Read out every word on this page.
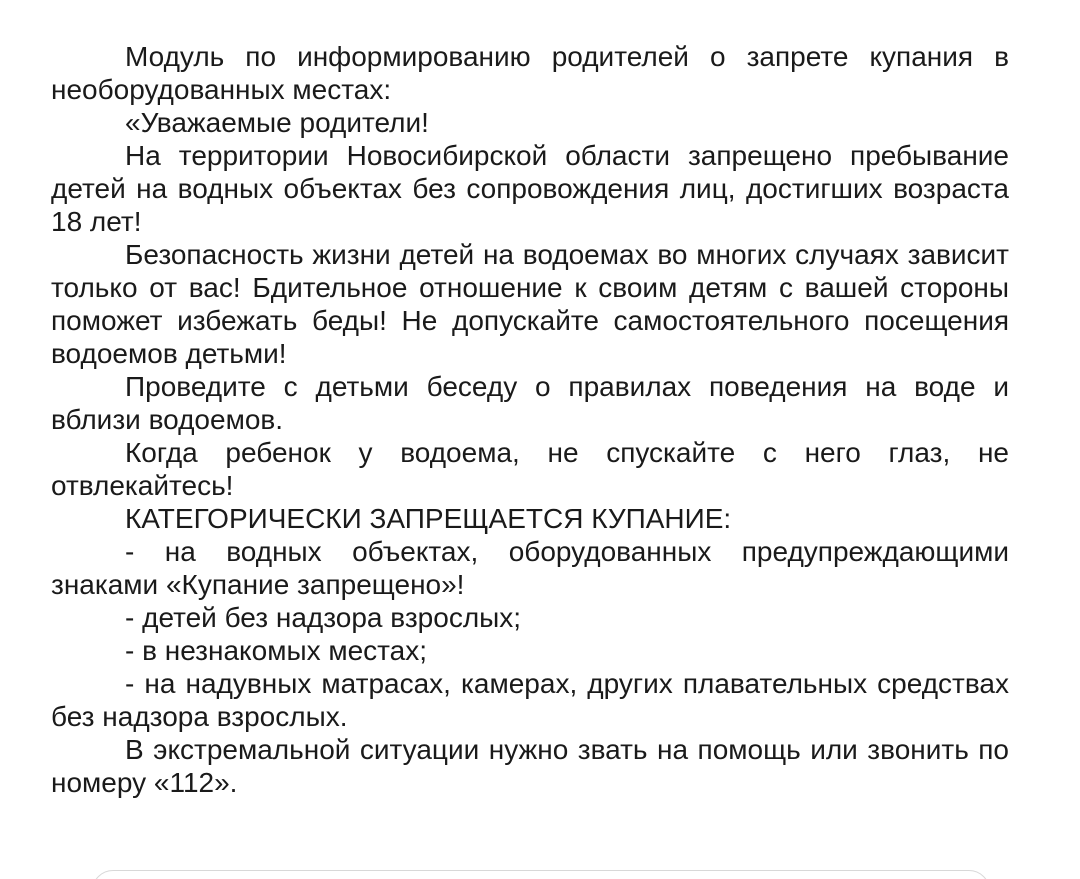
Модуль по информированию родителей о запрете купания в необорудованных местах:

«Уважаемые родители!

На территории Новосибирской области запрещено пребывание детей на водных объектах без сопровождения лиц, достигших возраста 18 лет!

Безопасность жизни детей на водоемах во многих случаях зависит только от вас! Бдительное отношение к своим детям с вашей стороны поможет избежать беды! Не допускайте самостоятельного посещения водоемов детьми!

Проведите с детьми беседу о правилах поведения на воде и вблизи водоемов.

Когда ребенок у водоема, не спускайте с него глаз, не отвлекайтесь!

КАТЕГОРИЧЕСКИ ЗАПРЕЩАЕТСЯ КУПАНИЕ:

- на водных объектах, оборудованных предупреждающими знаками «Купание запрещено»!

- детей без надзора взрослых;

- в незнакомых местах;

- на надувных матрасах, камерах, других плавательных средствах без надзора взрослых.

В экстремальной ситуации нужно звать на помощь или звонить по номеру «112».
